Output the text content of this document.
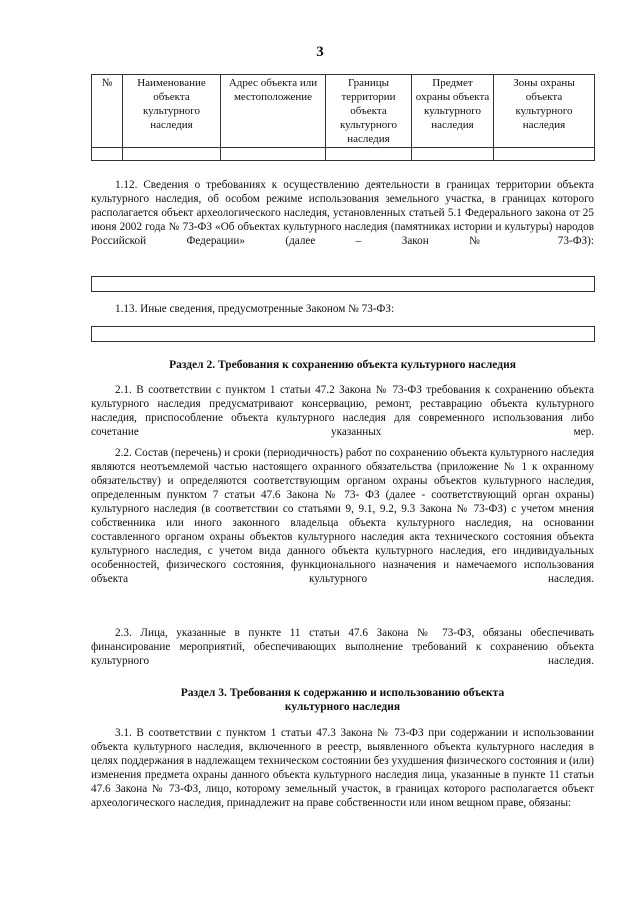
3
№	Наименование объекта культурного наследия	Адрес объекта или местоположение	Границы территории объекта культурного наследия	Предмет охраны объекта культурного наследия	Зоны охраны объекта культурного наследия

1.12. Сведения о требованиях к осуществлению деятельности в границах территории объекта культурного наследия, об особом режиме использования земельного участка, в границах которого располагается объект археологического наследия, установленных статьей 5.1 Федерального закона от 25 июня 2002 года № 73-ФЗ «Об объектах культурного наследия (памятниках истории и культуры) народов Российской Федерации» (далее – Закон № 73-ФЗ):
1.13. Иные сведения, предусмотренные Законом № 73-ФЗ:
Раздел 2. Требования к сохранению объекта культурного наследия
2.1. В соответствии с пунктом 1 статьи 47.2 Закона № 73-ФЗ требования к сохранению объекта культурного наследия предусматривают консервацию, ремонт, реставрацию объекта культурного наследия, приспособление объекта культурного наследия для современного использования либо сочетание указанных мер.
2.2. Состав (перечень) и сроки (периодичность) работ по сохранению объекта культурного наследия являются неотъемлемой частью настоящего охранного обязательства (приложение № 1 к охранному обязательству) и определяются соответствующим органом охраны объектов культурного наследия, определенным пунктом 7 статьи 47.6 Закона № 73- ФЗ (далее - соответствующий орган охраны) культурного наследия (в соответствии со статьями 9, 9.1, 9.2, 9.3 Закона № 73-ФЗ) с учетом мнения собственника или иного законного владельца объекта культурного наследия, на основании составленного органом охраны объектов культурного наследия акта технического состояния объекта культурного наследия, с учетом вида данного объекта культурного наследия, его индивидуальных особенностей, физического состояния, функционального назначения и намечаемого использования объекта культурного наследия.
2.3. Лица, указанные в пункте 11 статьи 47.6 Закона № 73-ФЗ, обязаны обеспечивать финансирование мероприятий, обеспечивающих выполнение требований к сохранению объекта культурного наследия.
Раздел 3. Требования к содержанию и использованию объекта
культурного наследия
3.1. В соответствии с пунктом 1 статьи 47.3 Закона № 73-ФЗ при содержании и использовании объекта культурного наследия, включенного в реестр, выявленного объекта культурного наследия в целях поддержания в надлежащем техническом состоянии без ухудшения физического состояния и (или) изменения предмета охраны данного объекта культурного наследия лица, указанные в пункте 11 статьи 47.6 Закона № 73-ФЗ, лицо, которому земельный участок, в границах которого располагается объект археологического наследия, принадлежит на праве собственности или ином вещном праве, обязаны:
